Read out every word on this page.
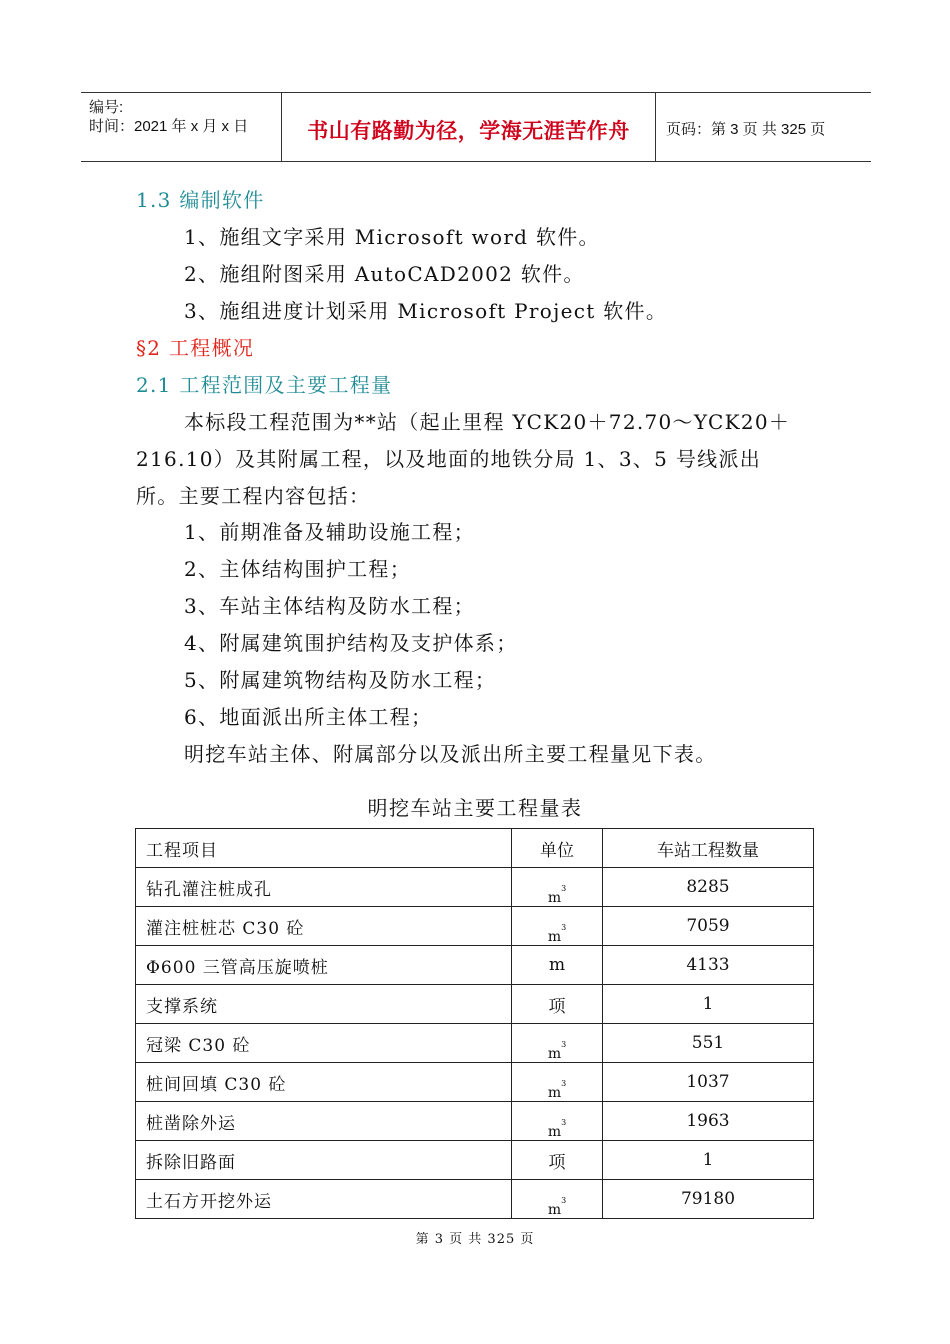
编号:
时间：2021 年 x 月 x 日	书山有路勤为径，学海无涯苦作舟	页码：第 3 页 共 325 页
1.3 编制软件
1、施组文字采用 Microsoft word 软件。
2、施组附图采用 AutoCAD2002 软件。
3、施组进度计划采用 Microsoft Project 软件。
§2 工程概况
2.1 工程范围及主要工程量
本标段工程范围为**站（起止里程 YCK20＋72.70～YCK20＋
216.10）及其附属工程，以及地面的地铁分局 1、3、5 号线派出
所。主要工程内容包括：
1、前期准备及辅助设施工程；
2、主体结构围护工程；
3、车站主体结构及防水工程；
4、附属建筑围护结构及支护体系；
5、附属建筑物结构及防水工程；
6、地面派出所主体工程；
明挖车站主体、附属部分以及派出所主要工程量见下表。
明挖车站主要工程量表
工程项目	单位	车站工程数量
钻孔灌注桩成孔	$m^3$	8285
灌注桩桩芯 C30 砼	$m^3$	7059
Φ600 三管高压旋喷桩	m	4133
支撑系统	项	1
冠梁 C30 砼	$m^3$	551
桩间回填 C30 砼	$m^3$	1037
桩凿除外运	$m^3$	1963
拆除旧路面	项	1
土石方开挖外运	$m^3$	79180
第 3 页 共 325 页
